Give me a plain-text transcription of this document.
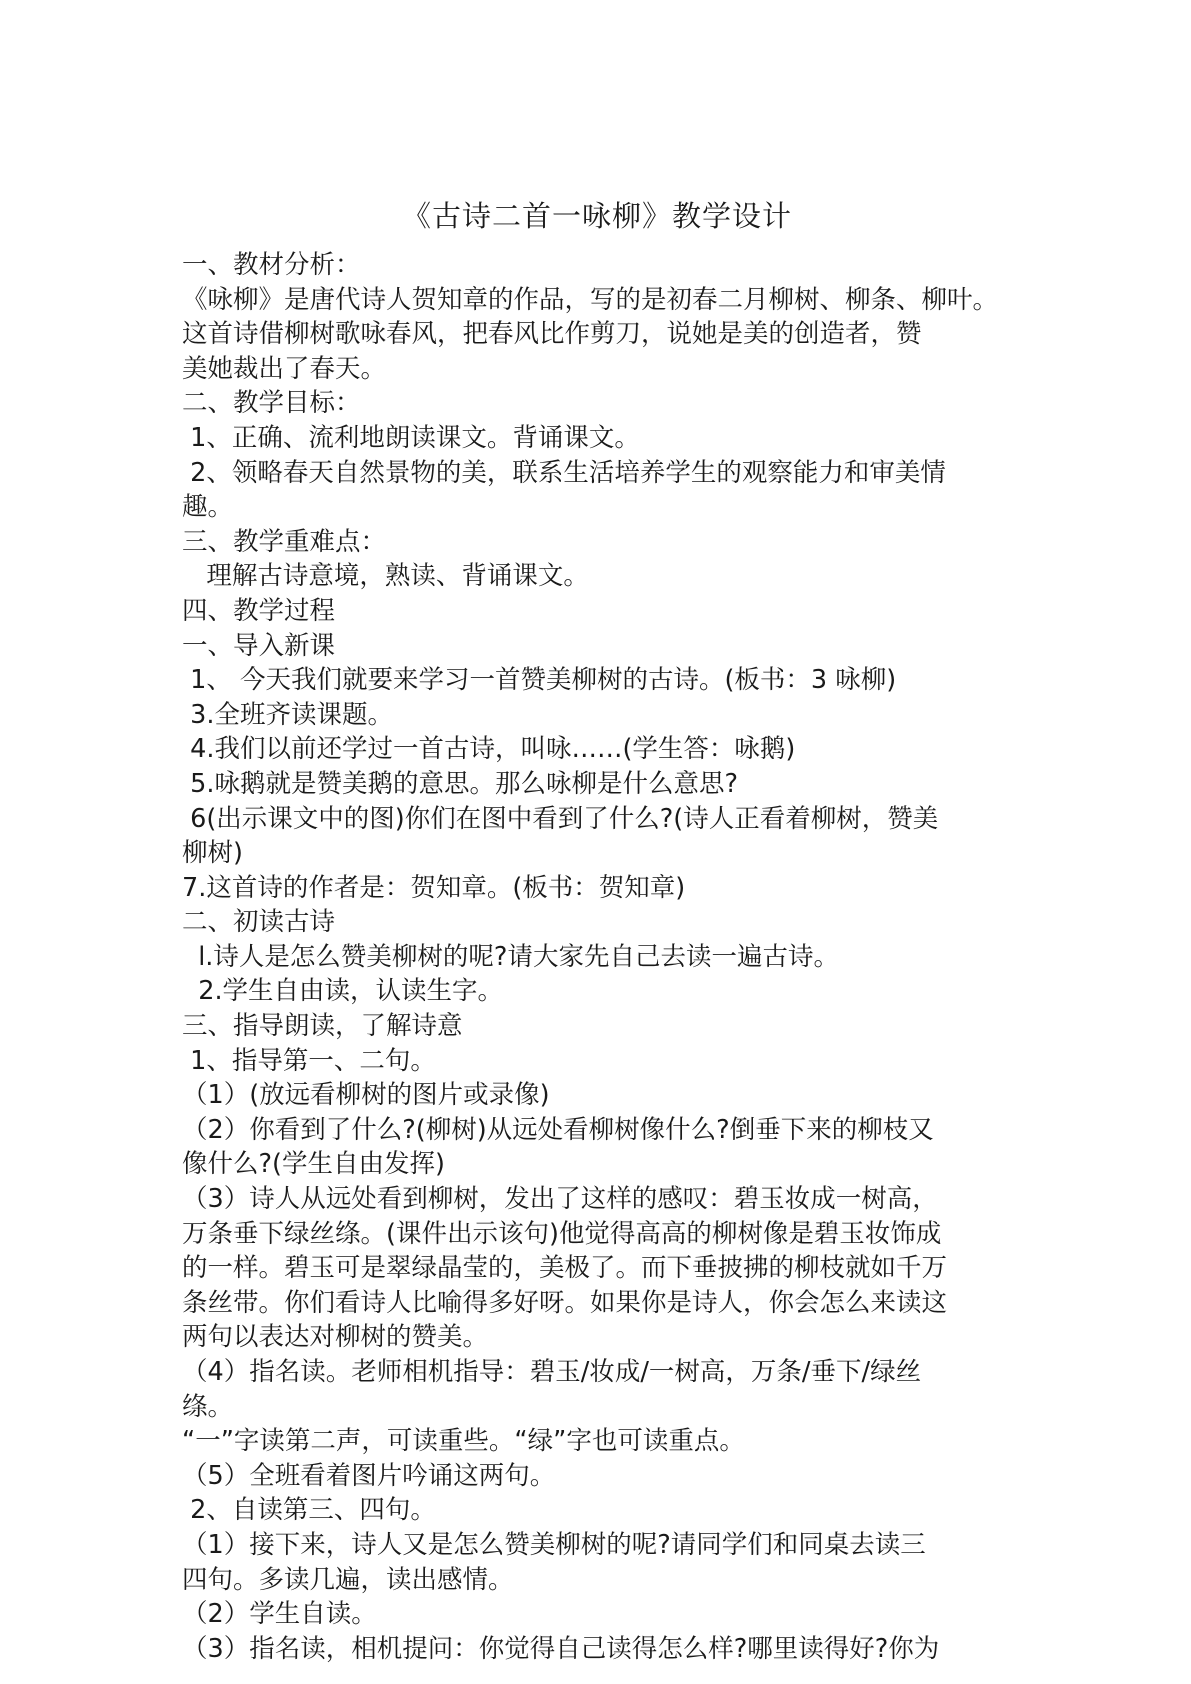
《古诗二首一咏柳》教学设计

一、教材分析：

《咏柳》是唐代诗人贺知章的作品，写的是初春二月柳树、柳条、柳叶。

这首诗借柳树歌咏春风，把春风比作剪刀，说她是美的创造者，赞

美她裁出了春天。

二、教学目标：

1、正确、流利地朗读课文。背诵课文。

2、领略春天自然景物的美，联系生活培养学生的观察能力和审美情

趣。

三、教学重难点：

理解古诗意境，熟读、背诵课文。

四、教学过程

一、导入新课

1、 今天我们就要来学习一首赞美柳树的古诗。(板书：3 咏柳)

3.全班齐读课题。

4.我们以前还学过一首古诗，叫咏……(学生答：咏鹅)

5.咏鹅就是赞美鹅的意思。那么咏柳是什么意思?

6(出示课文中的图)你们在图中看到了什么?(诗人正看着柳树，赞美

柳树)

7.这首诗的作者是：贺知章。(板书：贺知章)

二、初读古诗

l.诗人是怎么赞美柳树的呢?请大家先自己去读一遍古诗。

2.学生自由读，认读生字。

三、指导朗读，了解诗意

1、指导第一、二句。

（1）(放远看柳树的图片或录像)

（2）你看到了什么?(柳树)从远处看柳树像什么?倒垂下来的柳枝又

像什么?(学生自由发挥)

（3）诗人从远处看到柳树，发出了这样的感叹：碧玉妆成一树高，

万条垂下绿丝绦。(课件出示该句)他觉得高高的柳树像是碧玉妆饰成

的一样。碧玉可是翠绿晶莹的，美极了。而下垂披拂的柳枝就如千万

条丝带。你们看诗人比喻得多好呀。如果你是诗人，你会怎么来读这

两句以表达对柳树的赞美。

（4）指名读。老师相机指导：碧玉/妆成/一树高，万条/垂下/绿丝

绦。

“一”字读第二声，可读重些。“绿”字也可读重点。

（5）全班看着图片吟诵这两句。

2、自读第三、四句。

（1）接下来，诗人又是怎么赞美柳树的呢?请同学们和同桌去读三

四句。多读几遍，读出感情。

（2）学生自读。

（3）指名读，相机提问：你觉得自己读得怎么样?哪里读得好?你为
